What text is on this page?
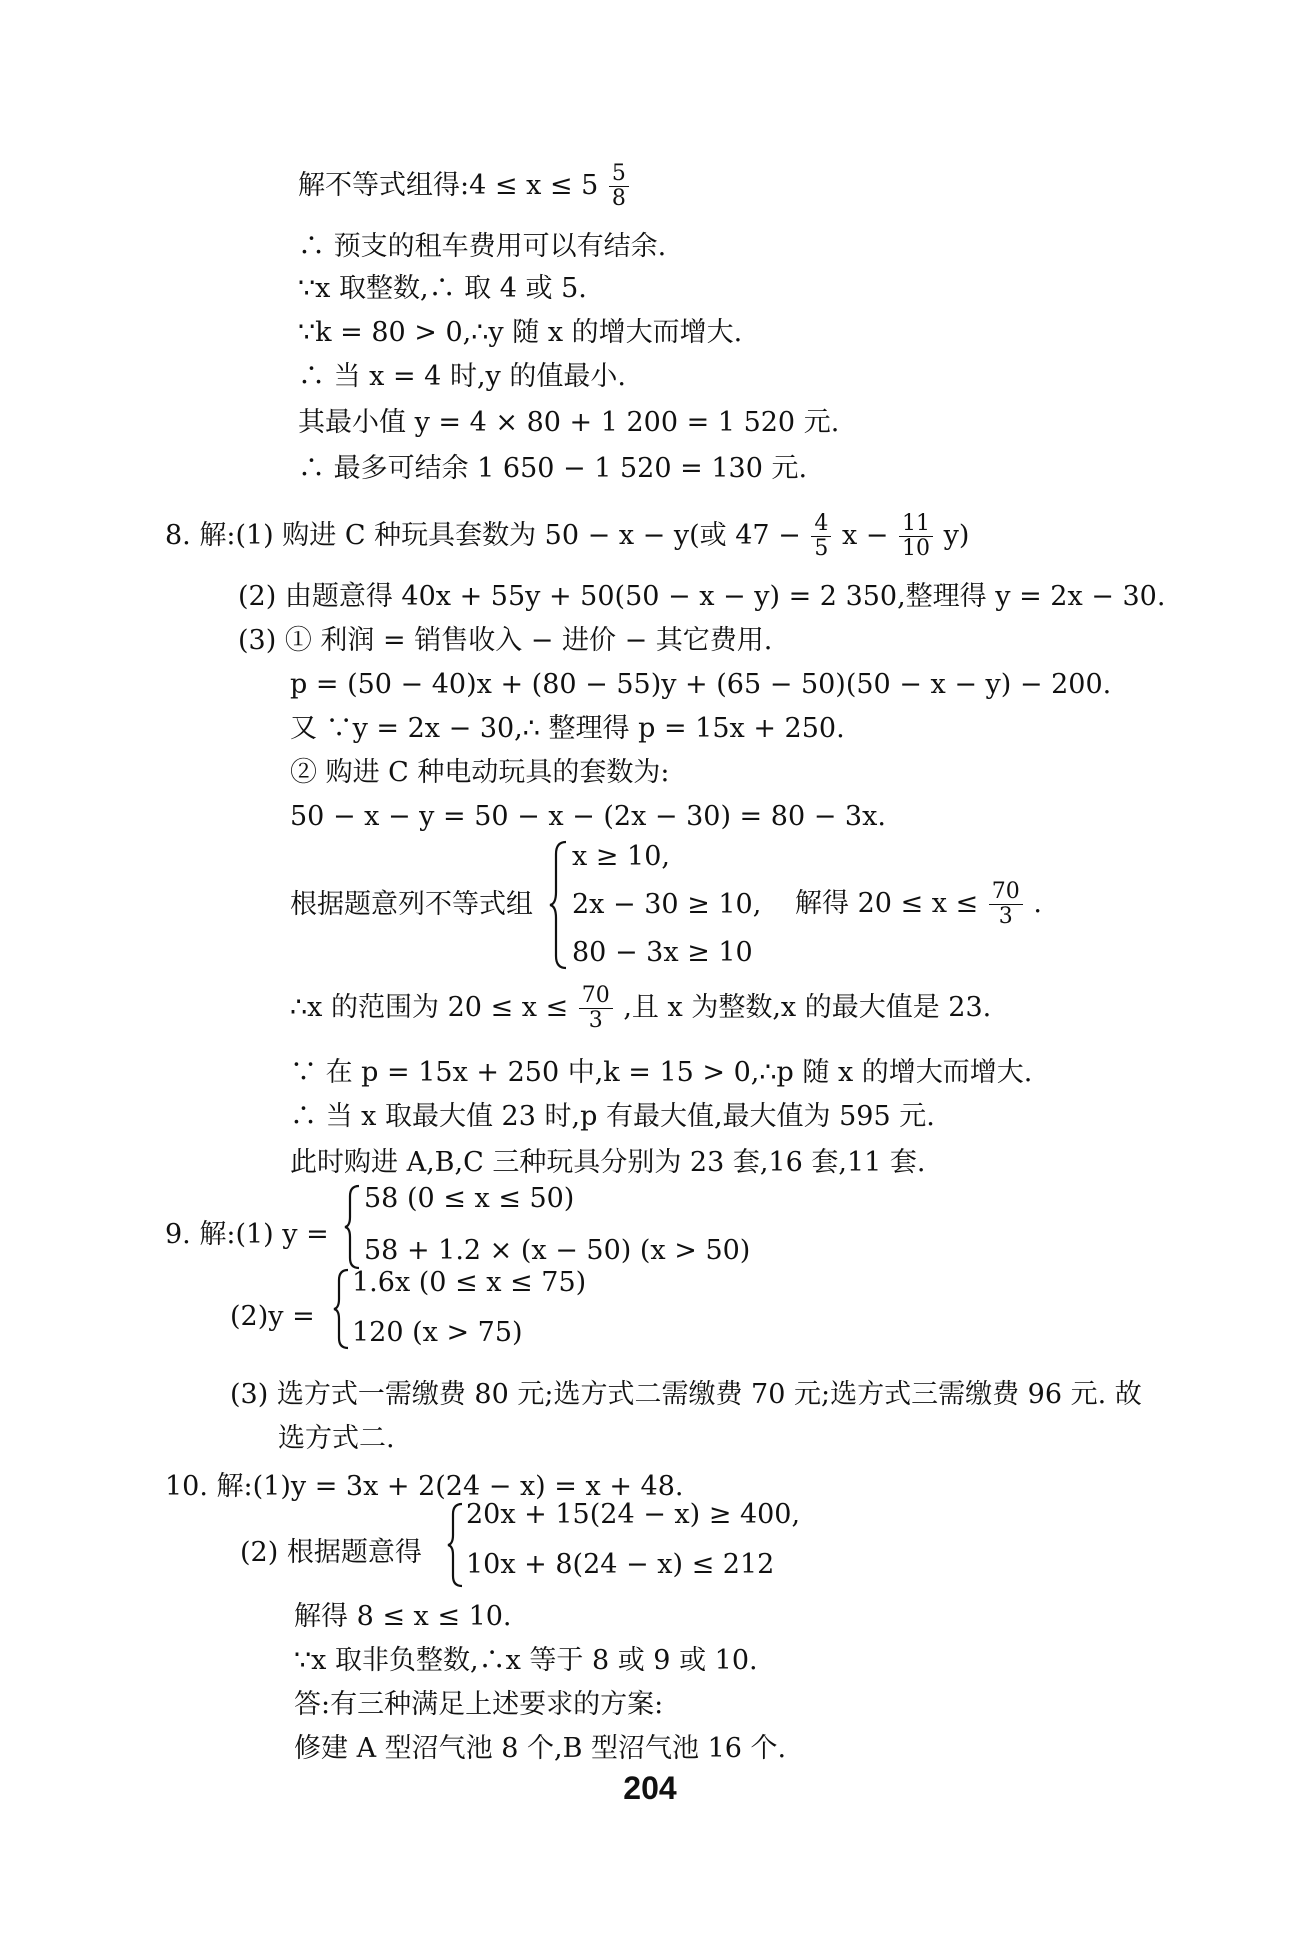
解不等式组得:4 ≤ $x \le 5 \frac{5}{8}$
∴ 预支的租车费用可以有结余.
∵x 取整数,∴ 取 4 或 5.
∵k = 80 > 0,∴y 随 x 的增大而增大.
∴ 当 x = 4 时,y 的值最小.
其最小值 y = 4 × 80 + 1 200 = 1 520 元.
∴ 最多可结余 1 650 − 1 520 = 130 元.
8. 解:(1) 购进 C 种玩具套数为 50 − x − y(或 $47 - \frac{4}{5}$ $x - \frac{11}{10} y$)
(2) 由题意得 40x + 55y + 50(50 − x − y) = 2 350,整理得 y = 2x − 30.
(3) ① 利润 = 销售收入 − 进价 − 其它费用.
p = (50 − 40)x + (80 − 55)y + (65 − 50)(50 − x − y) − 200.
又 ∵y = 2x − 30,∴ 整理得 p = 15x + 250.
② 购进 C 种电动玩具的套数为:
50 − x − y = 50 − x − (2x − 30) = 80 − 3x.
根据题意列不等式组
x ≥ 10,
2x − 30 ≥ 10,
80 − 3x ≥ 10
解得 $20 \le x \le \frac{70}{3}$ .
∴x 的范围为 $20 \le x \le \frac{70}{3}$ ,且 x 为整数,x 的最大值是 23.
∵ 在 p = 15x + 250 中,k = 15 > 0,∴p 随 x 的增大而增大.
∴ 当 x 取最大值 23 时,p 有最大值,最大值为 595 元.
此时购进 A,B,C 三种玩具分别为 23 套,16 套,11 套.
9. 解:(1) y =
58 (0 ≤ x ≤ 50)
58 + 1.2 × (x − 50) (x > 50)
(2)y =
1.6x (0 ≤ x ≤ 75)
120 (x > 75)
(3) 选方式一需缴费 80 元;选方式二需缴费 70 元;选方式三需缴费 96 元. 故
选方式二.
10. 解:(1)y = 3x + 2(24 − x) = x + 48.
(2) 根据题意得
20x + 15(24 − x) ≥ 400,
10x + 8(24 − x) ≤ 212
解得 8 ≤ x ≤ 10.
∵x 取非负整数,∴x 等于 8 或 9 或 10.
答:有三种满足上述要求的方案:
修建 A 型沼气池 8 个,B 型沼气池 16 个.
204
